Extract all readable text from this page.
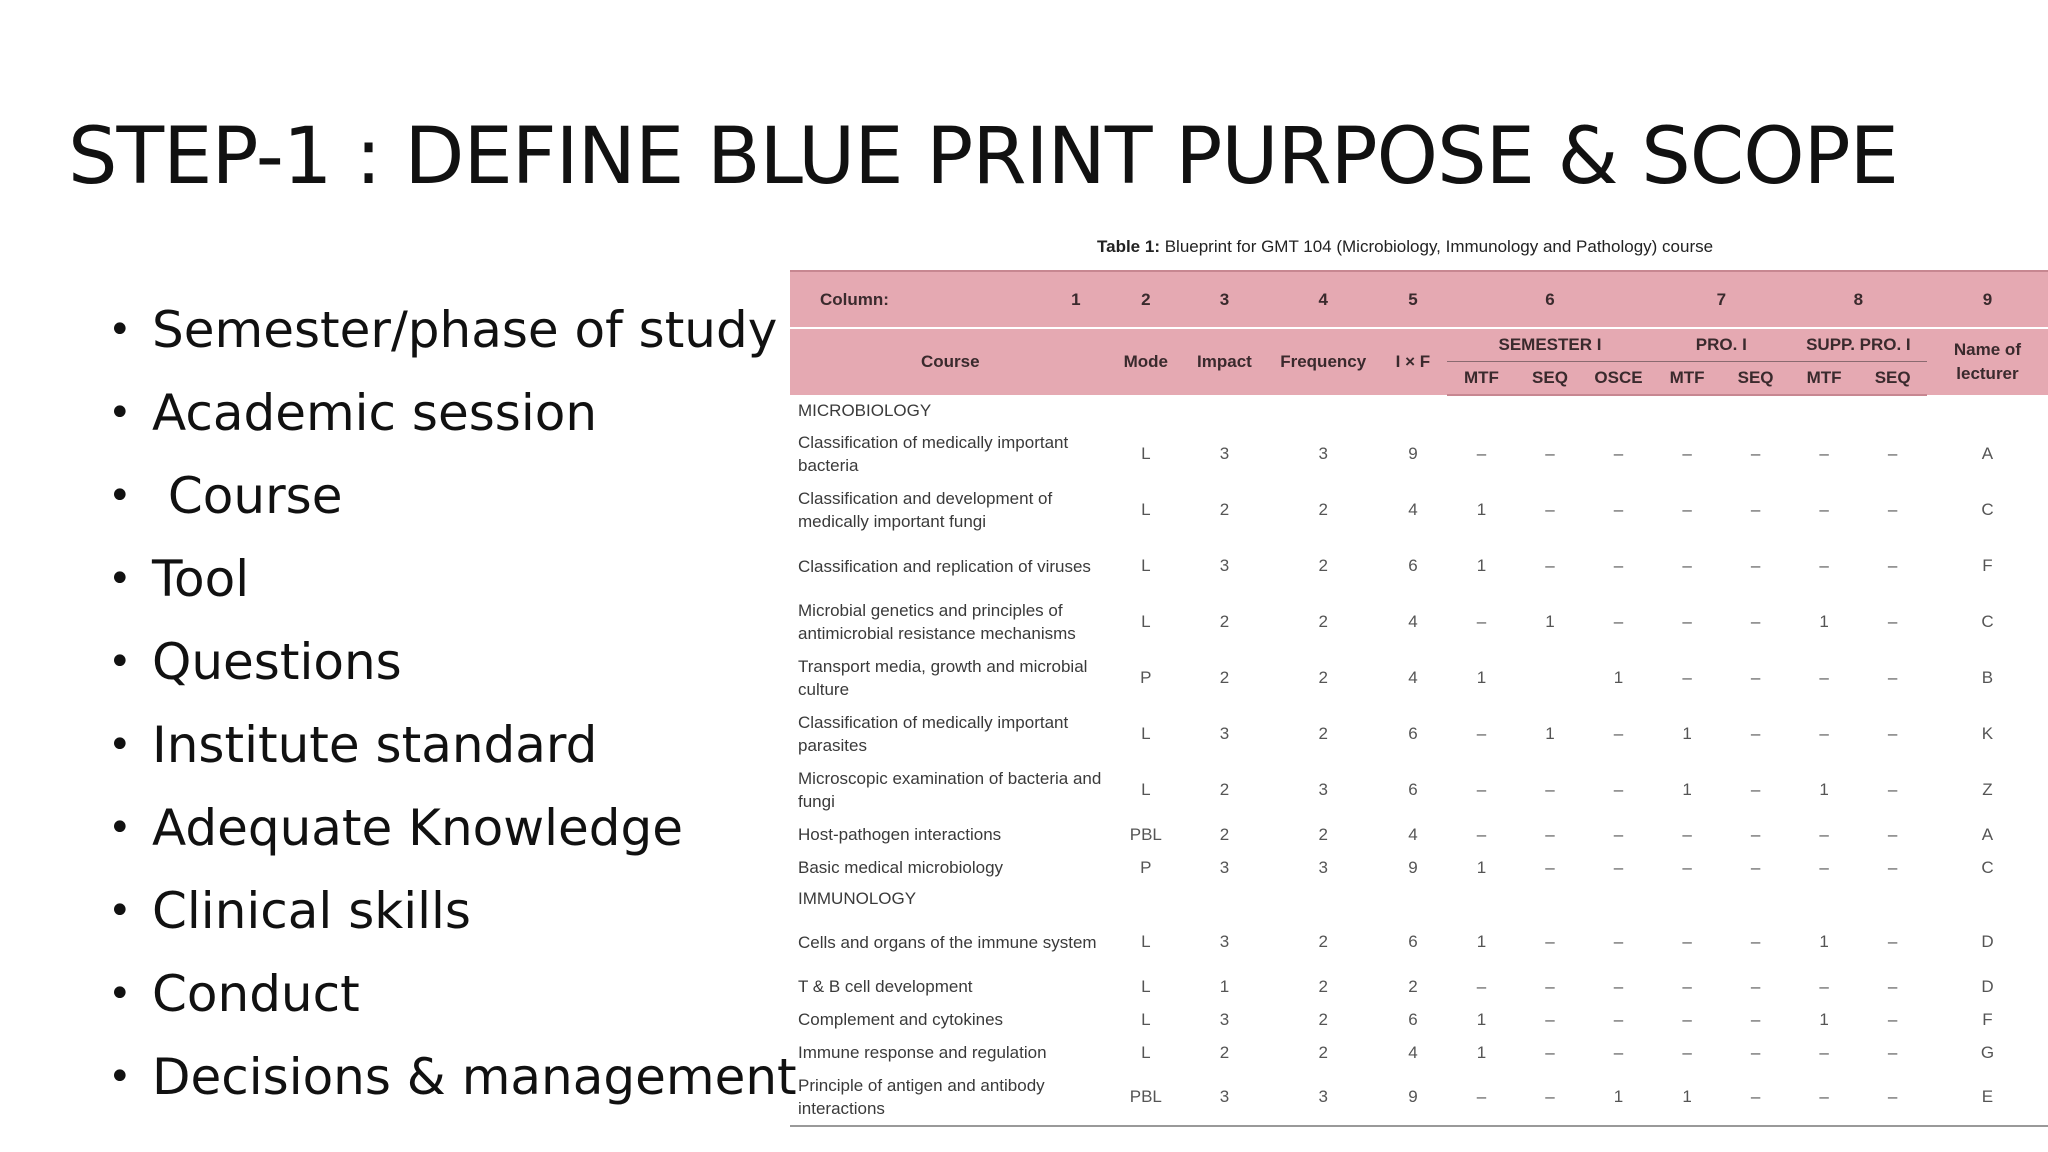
STEP-1 : DEFINE BLUE PRINT PURPOSE & SCOPE
• Semester/phase of study
• Academic session
• Course
• Tool
• Questions
• Institute standard
• Adequate Knowledge
• Clinical skills
• Conduct
• Decisions & management
Table 1: Blueprint for GMT 104 (Microbiology, Immunology and Pathology) course
Column: 1	2	3	4	5	6			7		8		9
Course	Mode	Impact	Frequency	I × F	SEMESTER I			PRO. I		SUPP. PRO. I		Name of lecturer
					MTF	SEQ	OSCE	MTF	SEQ	MTF	SEQ	
MICROBIOLOGY												
Classification of medically important bacteria	L	3	3	9	–	–	–	–	–	–	–	A
Classification and development of medically important fungi	L	2	2	4	1	–	–	–	–	–	–	C
Classification and replication of viruses	L	3	2	6	1	–	–	–	–	–	–	F
Microbial genetics and principles of antimicrobial resistance mechanisms	L	2	2	4	–	1	–	–	–	1	–	C
Transport media, growth and microbial culture	P	2	2	4	1		1	–	–	–	–	B
Classification of medically important parasites	L	3	2	6	–	1	–	1	–	–	–	K
Microscopic examination of bacteria and fungi	L	2	3	6	–	–	–	1	–	1	–	Z
Host-pathogen interactions	PBL	2	2	4	–	–	–	–	–	–	–	A
Basic medical microbiology	P	3	3	9	1	–	–	–	–	–	–	C
IMMUNOLOGY												
Cells and organs of the immune system	L	3	2	6	1	–	–	–	–	1	–	D
T & B cell development	L	1	2	2	–	–	–	–	–	–	–	D
Complement and cytokines	L	3	2	6	1	–	–	–	–	1	–	F
Immune response and regulation	L	2	2	4	1	–	–	–	–	–	–	G
Principle of antigen and antibody interactions	PBL	3	3	9	–	–	1	1	–	–	–	E
